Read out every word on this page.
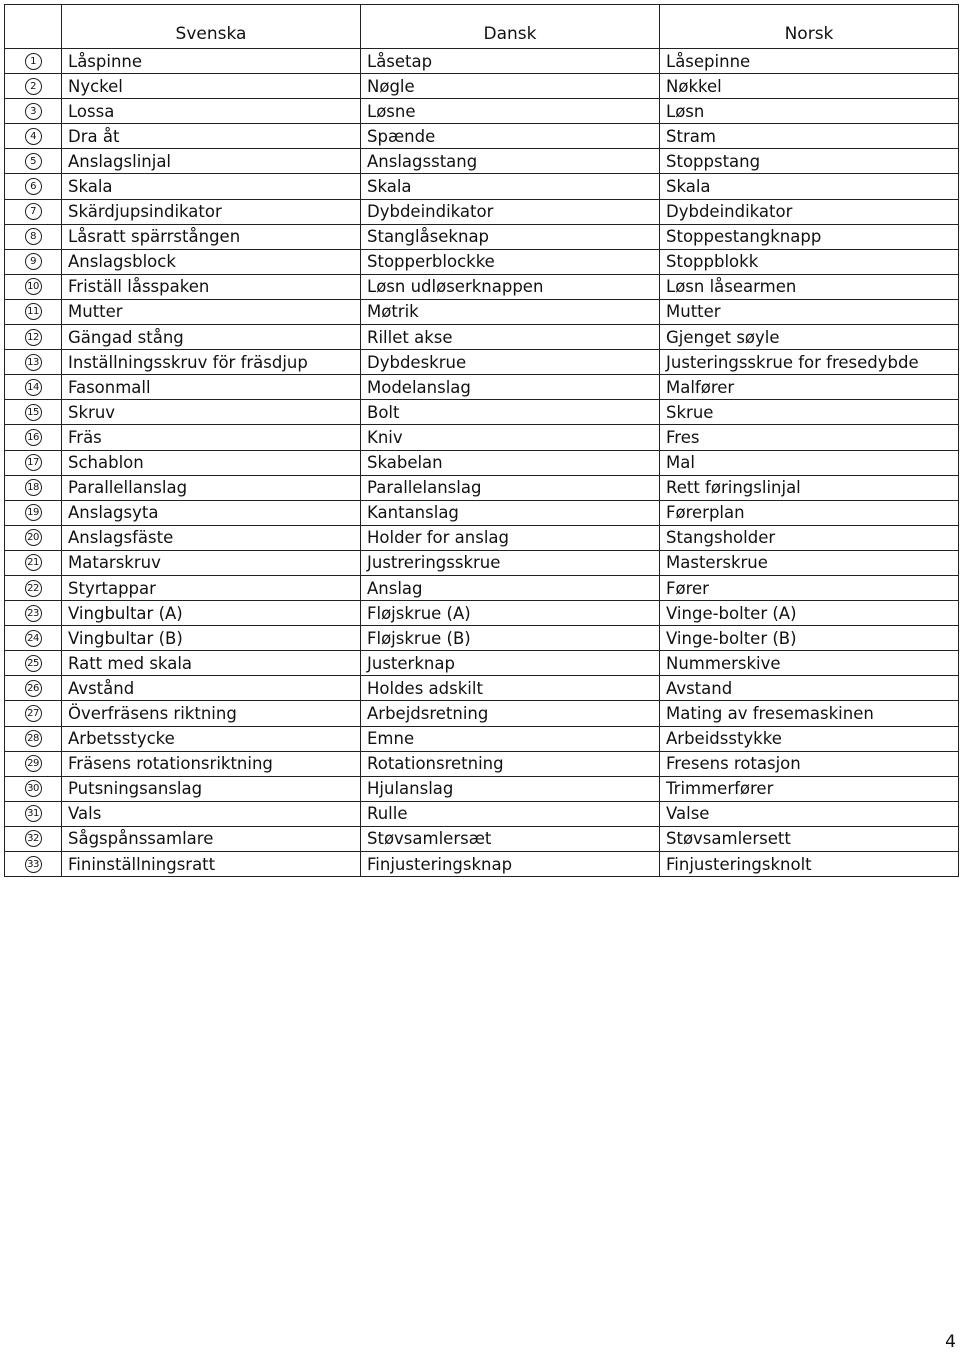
	Svenska	Dansk	Norsk
1	Låspinne	Låsetap	Låsepinne
2	Nyckel	Nøgle	Nøkkel
3	Lossa	Løsne	Løsn
4	Dra åt	Spænde	Stram
5	Anslagslinjal	Anslagsstang	Stoppstang
6	Skala	Skala	Skala
7	Skärdjupsindikator	Dybdeindikator	Dybdeindikator
8	Låsratt spärrstången	Stanglåseknap	Stoppestangknapp
9	Anslagsblock	Stopperblockke	Stoppblokk
10	Friställ låsspaken	Løsn udløserknappen	Løsn låsearmen
11	Mutter	Møtrik	Mutter
12	Gängad stång	Rillet akse	Gjenget søyle
13	Inställningsskruv för fräsdjup	Dybdeskrue	Justeringsskrue for fresedybde
14	Fasonmall	Modelanslag	Malfører
15	Skruv	Bolt	Skrue
16	Fräs	Kniv	Fres
17	Schablon	Skabelan	Mal
18	Parallellanslag	Parallelanslag	Rett føringslinjal
19	Anslagsyta	Kantanslag	Førerplan
20	Anslagsfäste	Holder for anslag	Stangsholder
21	Matarskruv	Justreringsskrue	Masterskrue
22	Styrtappar	Anslag	Fører
23	Vingbultar (A)	Fløjskrue (A)	Vinge-bolter (A)
24	Vingbultar (B)	Fløjskrue (B)	Vinge-bolter (B)
25	Ratt med skala	Justerknap	Nummerskive
26	Avstånd	Holdes adskilt	Avstand
27	Överfräsens riktning	Arbejdsretning	Mating av fresemaskinen
28	Arbetsstycke	Emne	Arbeidsstykke
29	Fräsens rotationsriktning	Rotationsretning	Fresens rotasjon
30	Putsningsanslag	Hjulanslag	Trimmerfører
31	Vals	Rulle	Valse
32	Sågspånssamlare	Støvsamlersæt	Støvsamlersett
33	Fininställningsratt	Finjusteringsknap	Finjusteringsknolt
4
